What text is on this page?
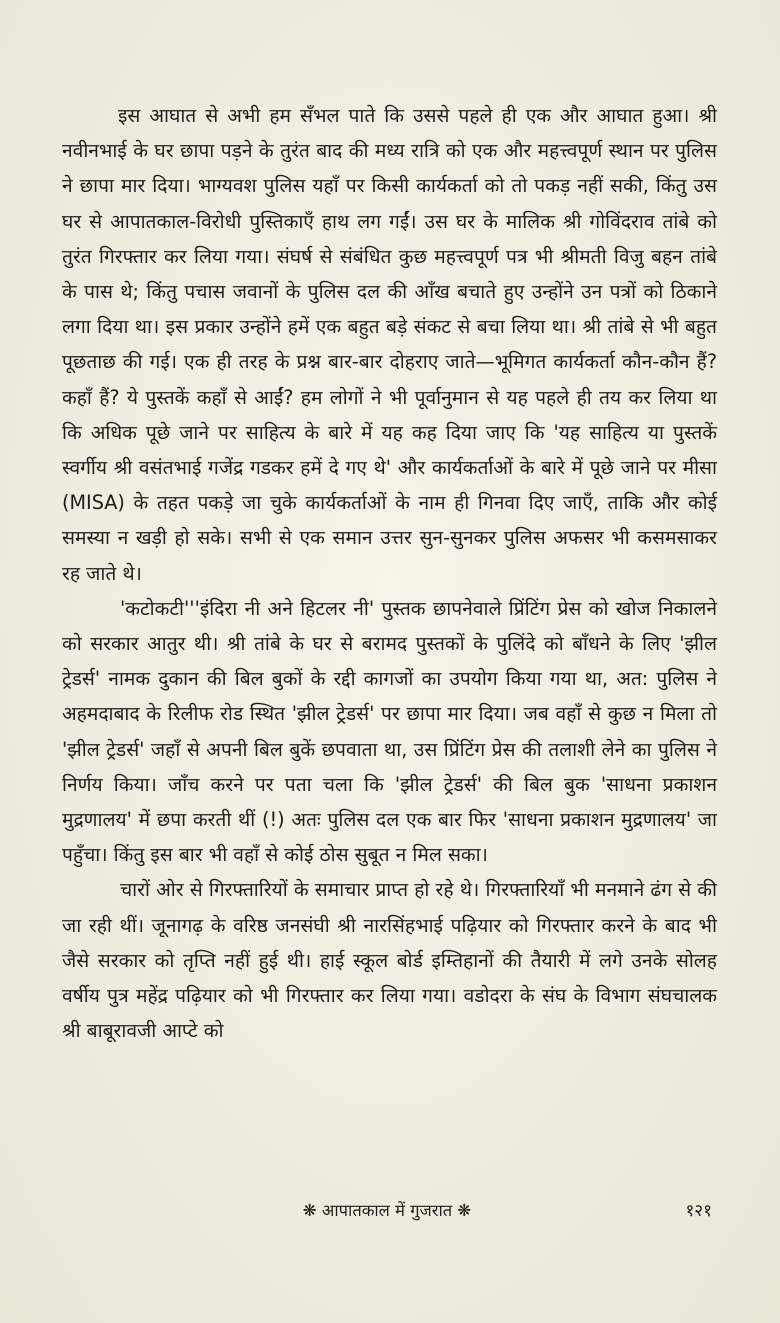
इस आघात से अभी हम सँभल पाते कि उससे पहले ही एक और आघात हुआ। श्री नवीनभाई के घर छापा पड़ने के तुरंत बाद की मध्य रात्रि को एक और महत्त्वपूर्ण स्थान पर पुलिस ने छापा मार दिया। भाग्यवश पुलिस यहाँ पर किसी कार्यकर्ता को तो पकड़ नहीं सकी, किंतु उस घर से आपातकाल-विरोधी पुस्तिकाएँ हाथ लग गईं। उस घर के मालिक श्री गोविंदराव तांबे को तुरंत गिरफ्तार कर लिया गया। संघर्ष से संबंधित कुछ महत्त्वपूर्ण पत्र भी श्रीमती विजु बहन तांबे के पास थे; किंतु पचास जवानों के पुलिस दल की आँख बचाते हुए उन्होंने उन पत्रों को ठिकाने लगा दिया था। इस प्रकार उन्होंने हमें एक बहुत बड़े संकट से बचा लिया था। श्री तांबे से भी बहुत पूछताछ की गई। एक ही तरह के प्रश्न बार-बार दोहराए जाते—भूमिगत कार्यकर्ता कौन-कौन हैं? कहाँ हैं? ये पुस्तकें कहाँ से आईं? हम लोगों ने भी पूर्वानुमान से यह पहले ही तय कर लिया था कि अधिक पूछे जाने पर साहित्य के बारे में यह कह दिया जाए कि 'यह साहित्य या पुस्तकें स्वर्गीय श्री वसंतभाई गजेंद्र गडकर हमें दे गए थे' और कार्यकर्ताओं के बारे में पूछे जाने पर मीसा (MISA) के तहत पकड़े जा चुके कार्यकर्ताओं के नाम ही गिनवा दिए जाएँ, ताकि और कोई समस्या न खड़ी हो सके। सभी से एक समान उत्तर सुन-सुनकर पुलिस अफसर भी कसमसाकर रह जाते थे।

'कटोकटी'''इंदिरा नी अने हिटलर नी' पुस्तक छापनेवाले प्रिंटिंग प्रेस को खोज निकालने को सरकार आतुर थी। श्री तांबे के घर से बरामद पुस्तकों के पुलिंदे को बाँधने के लिए 'झील ट्रेडर्स' नामक दुकान की बिल बुकों के रद्दी कागजों का उपयोग किया गया था, अत: पुलिस ने अहमदाबाद के रिलीफ रोड स्थित 'झील ट्रेडर्स' पर छापा मार दिया। जब वहाँ से कुछ न मिला तो 'झील ट्रेडर्स' जहाँ से अपनी बिल बुकें छपवाता था, उस प्रिंटिंग प्रेस की तलाशी लेने का पुलिस ने निर्णय किया। जाँच करने पर पता चला कि 'झील ट्रेडर्स' की बिल बुक 'साधना प्रकाशन मुद्रणालय' में छपा करती थीं (!) अतः पुलिस दल एक बार फिर 'साधना प्रकाशन मुद्रणालय' जा पहुँचा। किंतु इस बार भी वहाँ से कोई ठोस सुबूत न मिल सका।

चारों ओर से गिरफ्तारियों के समाचार प्राप्त हो रहे थे। गिरफ्तारियाँ भी मनमाने ढंग से की जा रही थीं। जूनागढ़ के वरिष्ठ जनसंघी श्री नारसिंहभाई पढ़ियार को गिरफ्तार करने के बाद भी जैसे सरकार को तृप्ति नहीं हुई थी। हाई स्कूल बोर्ड इम्तिहानों की तैयारी में लगे उनके सोलह वर्षीय पुत्र महेंद्र पढ़ियार को भी गिरफ्तार कर लिया गया। वडोदरा के संघ के विभाग संघचालक श्री बाबूरावजी आप्टे को

❋ आपातकाल में गुजरात ❋	१२१
